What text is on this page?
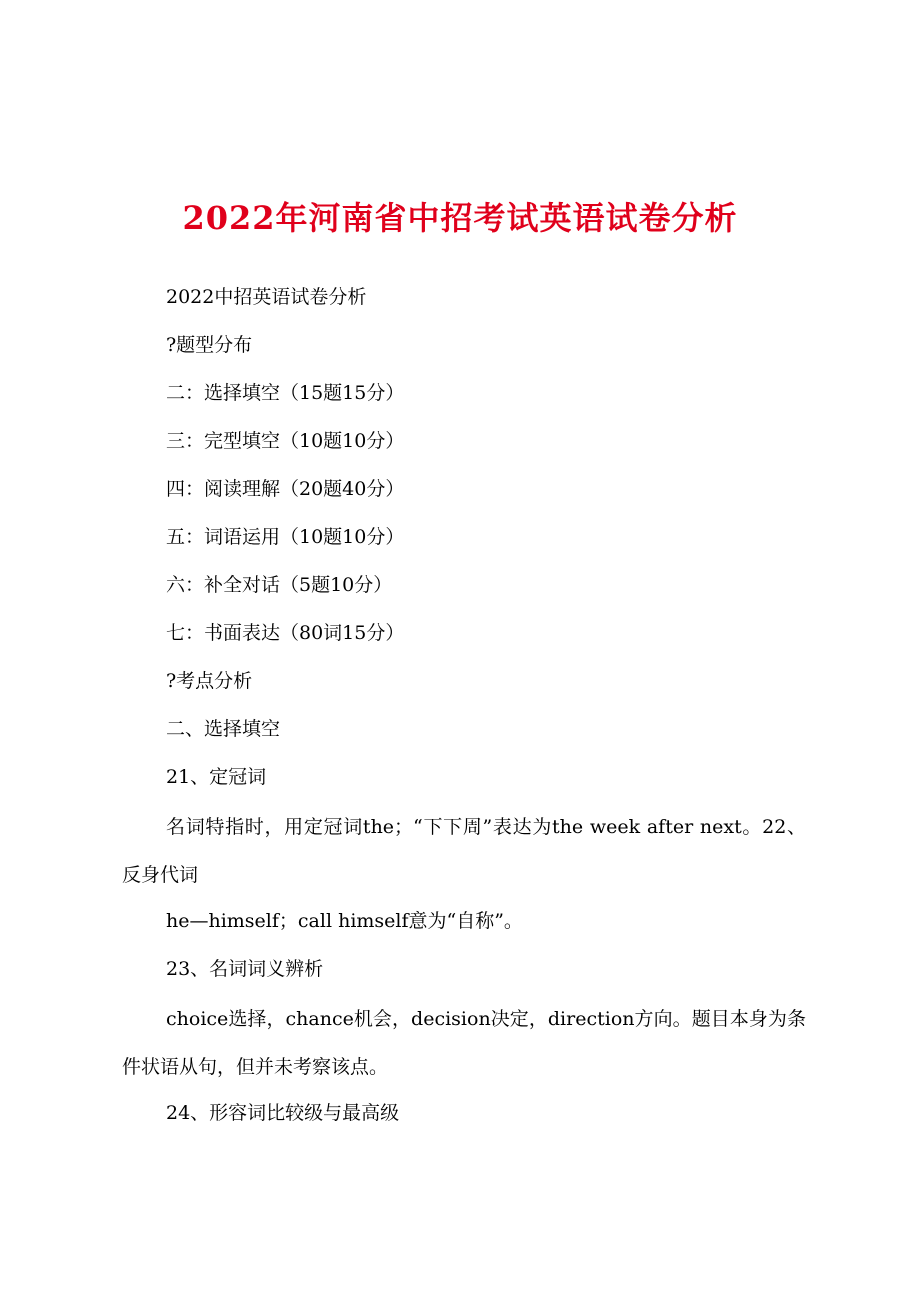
2022年河南省中招考试英语试卷分析
2022中招英语试卷分析
?题型分布
二：选择填空（15题15分）
三：完型填空（10题10分）
四：阅读理解（20题40分）
五：词语运用（10题10分）
六：补全对话（5题10分）
七：书面表达（80词15分）
?考点分析
二、选择填空
21、定冠词
名词特指时，用定冠词the；“下下周”表达为the week after next。22、反身代词
he—himself；call himself意为“自称”。
23、名词词义辨析
choice选择，chance机会，decision决定，direction方向。题目本身为条件状语从句，但并未考察该点。
24、形容词比较级与最高级
